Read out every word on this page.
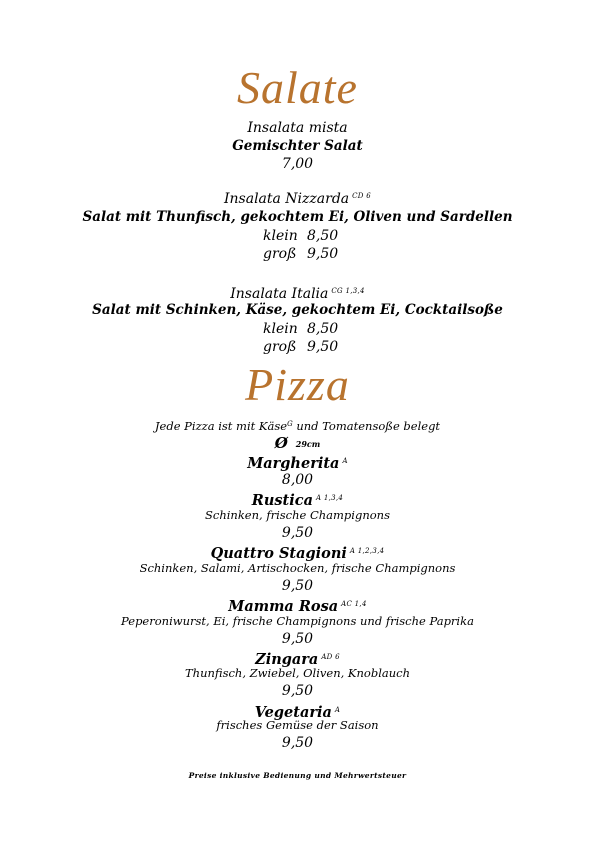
Salate
Insalata mista
Gemischter Salat
7,00
Insalata Nizzarda $^{CD 6}$
Salat mit Thunfisch, gekochtem Ei, Oliven und Sardellen
klein 8,50
groß 9,50
Insalata Italia $^{CG 1,3,4}$
Salat mit Schinken, Käse, gekochtem Ei, Cocktailsoße
klein 8,50
groß 9,50
Pizza
Jede Pizza ist mit Käse$^G$ und Tomatensoße belegt
Ø 29cm
Margherita $^A$
8,00
Rustica $^{A 1,3,4}$
Schinken, frische Champignons
9,50
Quattro Stagioni $^{A 1,2,3,4}$
Schinken, Salami, Artischocken, frische Champignons
9,50
Mamma Rosa $^{AC 1,4}$
Peperoniwurst, Ei, frische Champignons und frische Paprika
9,50
Zingara $^{AD 6}$
Thunfisch, Zwiebel, Oliven, Knoblauch
9,50
Vegetaria $^A$
frisches Gemüse der Saison
9,50
Preise inklusive Bedienung und Mehrwertsteuer
